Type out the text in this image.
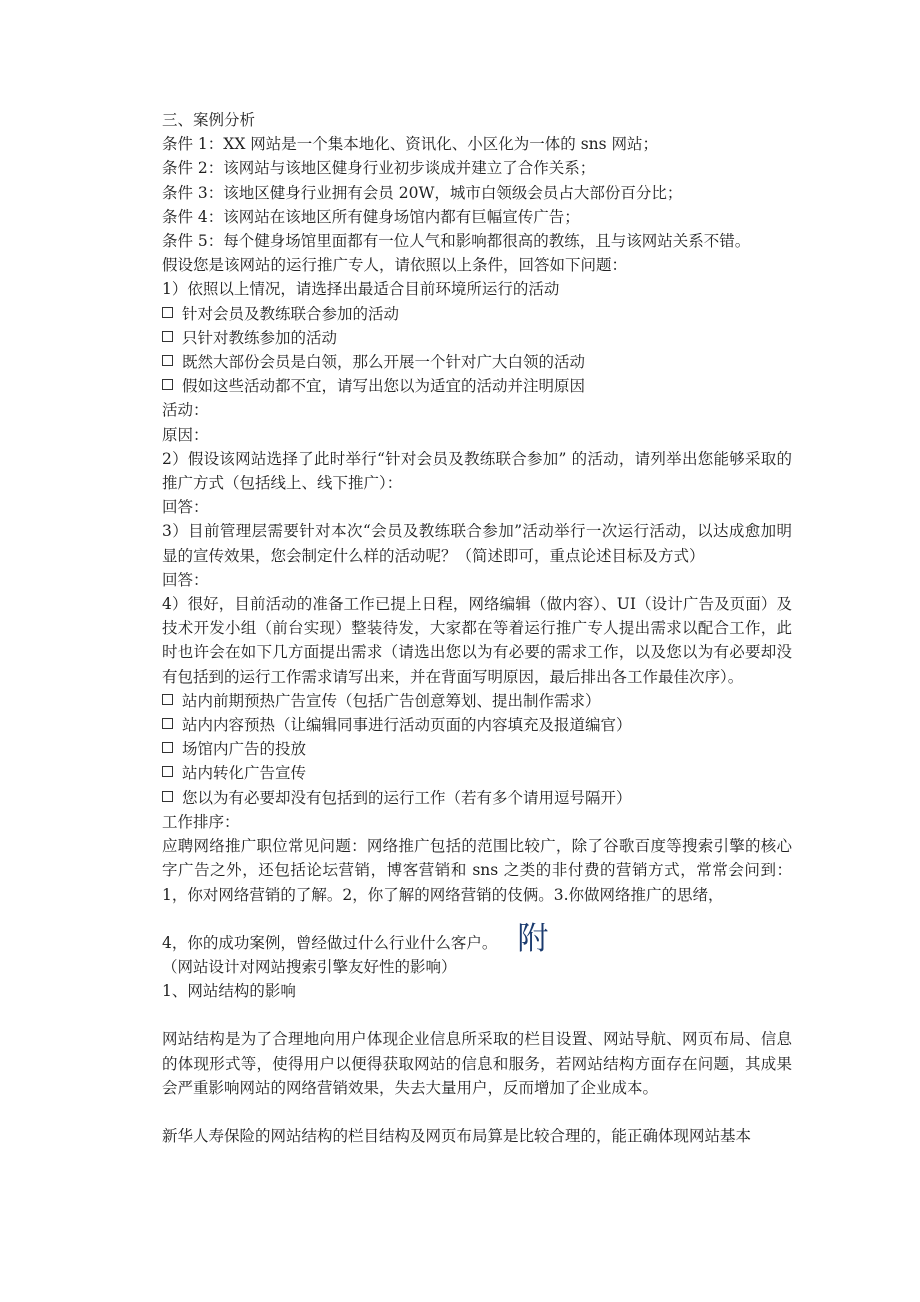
三、案例分析
条件 1：XX 网站是一个集本地化、资讯化、小区化为一体的 sns 网站；
条件 2：该网站与该地区健身行业初步谈成并建立了合作关系；
条件 3：该地区健身行业拥有会员 20W，城市白领级会员占大部份百分比；
条件 4：该网站在该地区所有健身场馆内都有巨幅宣传广告；
条件 5：每个健身场馆里面都有一位人气和影响都很高的教练，且与该网站关系不错。
假设您是该网站的运行推广专人，请依照以上条件，回答如下问题：
1）依照以上情况，请选择出最适合目前环境所运行的活动
针对会员及教练联合参加的活动
只针对教练参加的活动
既然大部份会员是白领，那么开展一个针对广大白领的活动
假如这些活动都不宜，请写出您以为适宜的活动并注明原因
活动：
原因：
2）假设该网站选择了此时举行“针对会员及教练联合参加” 的活动，请列举出您能够采取的推广方式（包括线上、线下推广）：
回答：
3）目前管理层需要针对本次“会员及教练联合参加”活动举行一次运行活动，以达成愈加明显的宣传效果，您会制定什么样的活动呢？（简述即可，重点论述目标及方式）
回答：
4）很好，目前活动的准备工作已提上日程，网络编辑（做内容）、UI（设计广告及页面）及技术开发小组（前台实现）整装待发，大家都在等着运行推广专人提出需求以配合工作，此时也许会在如下几方面提出需求（请选出您以为有必要的需求工作，以及您以为有必要却没有包括到的运行工作需求请写出来，并在背面写明原因，最后排出各工作最佳次序）。
站内前期预热广告宣传（包括广告创意筹划、提出制作需求）
站内内容预热（让编辑同事进行活动页面的内容填充及报道编官）
场馆内广告的投放
站内转化广告宣传
您以为有必要却没有包括到的运行工作（若有多个请用逗号隔开）
工作排序：
应聘网络推广职位常见问题：网络推广包括的范围比较广，除了谷歌百度等搜索引擎的核心字广告之外，还包括论坛营销，博客营销和 sns 之类的非付费的营销方式，常常会问到：1，你对网络营销的了解。2，你了解的网络营销的伎俩。3.你做网络推广的思绪，
4，你的成功案例，曾经做过什么行业什么客户。 附
（网站设计对网站搜索引擎友好性的影响）
1、网站结构的影响
网站结构是为了合理地向用户体现企业信息所采取的栏目设置、网站导航、网页布局、信息的体现形式等，使得用户以便得获取网站的信息和服务，若网站结构方面存在问题，其成果会严重影响网站的网络营销效果，失去大量用户，反而增加了企业成本。
新华人寿保险的网站结构的栏目结构及网页布局算是比较合理的，能正确体现网站基本
